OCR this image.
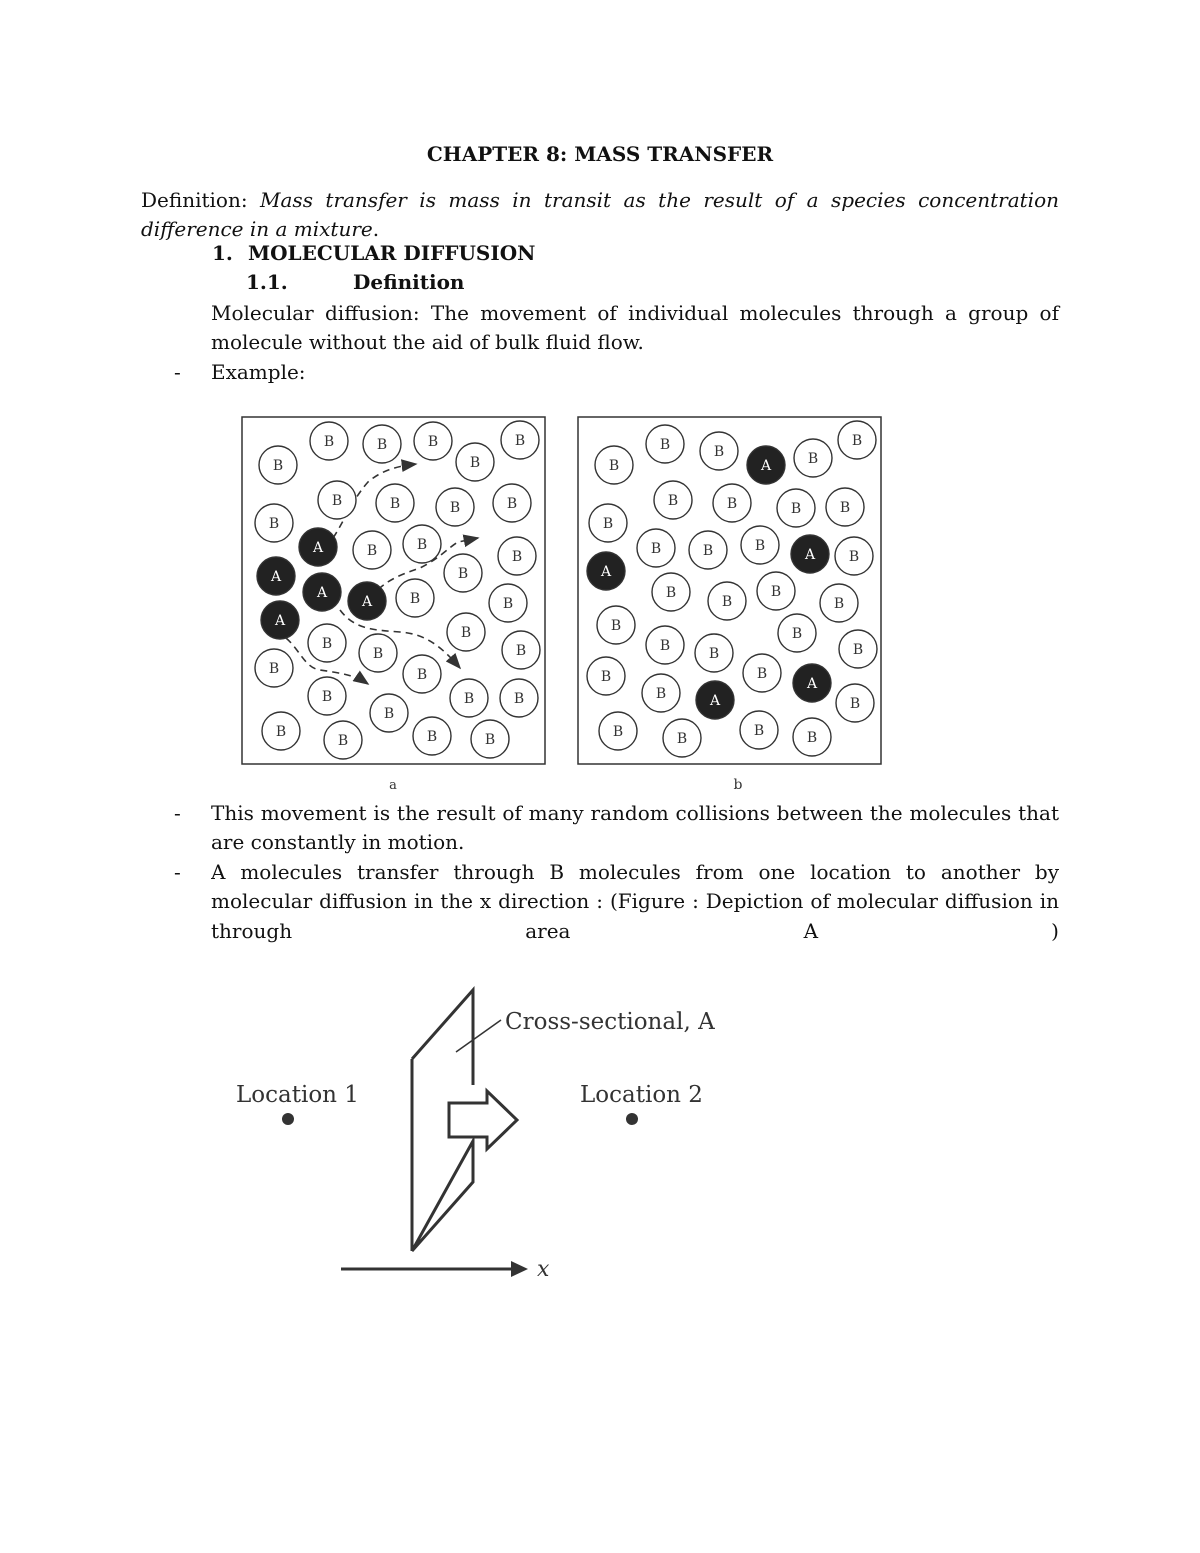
CHAPTER 8: MASS TRANSFER
Definition: Mass transfer is mass in transit as the result of a species concentration difference in a mixture.
1. MOLECULAR DIFFUSION
1.1.	Definition
Molecular diffusion: The movement of individual molecules through a group of molecule without the aid of bulk fluid flow.
- Example:
B
B	B	B
B
B
B	B	B	B
B
A	B	B
B
B
A
A
A	B	B
A
B
B
B	B
B	B
B
B
B	B
B
B	B	B
a
B
B	B
A	B
B
B	B	B	B
B
B	B	B
A B
A
B
B
B
B
B	B
B	B	B
B	B
B	A
A
B
B	B	B	B
b
Cross-sectional, A
Location 1	Location 2
x
- This movement is the result of many random collisions between the molecules that are constantly in motion.
- A molecules transfer through B molecules from one location to another by molecular diffusion in the x direction : (Figure : Depiction of molecular diffusion in
through	area	A	)
